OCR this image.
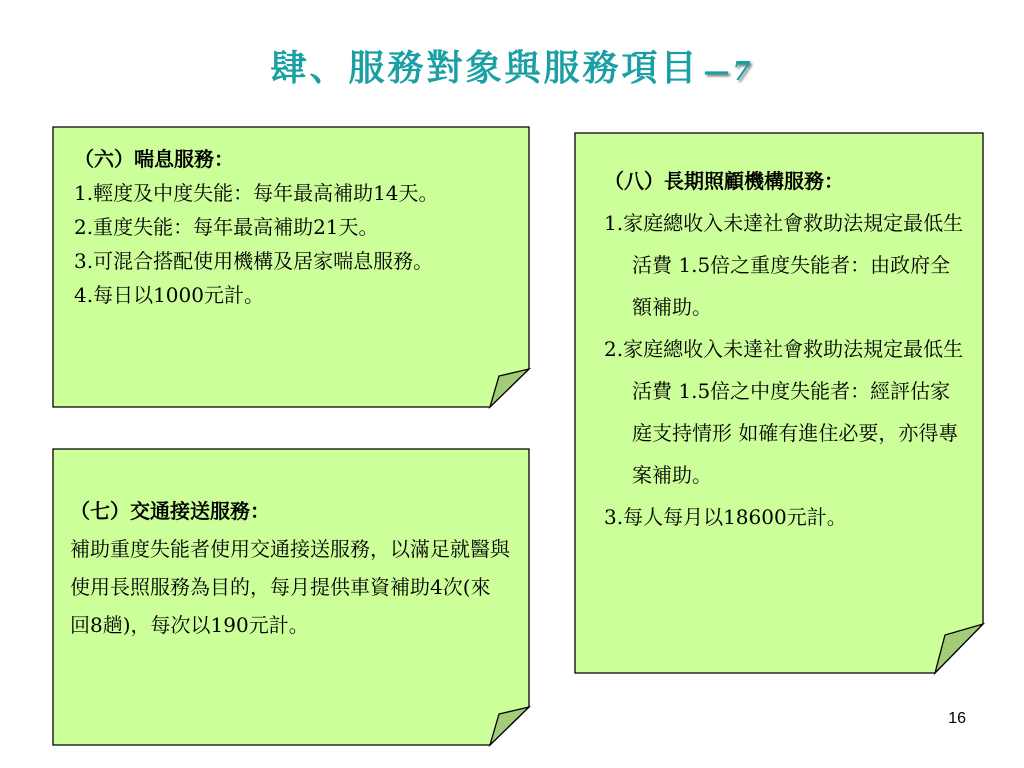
肆、服務對象與服務項目 —7

（六）喘息服務：

1.輕度及中度失能：每年最高補助14天。

2.重度失能：每年最高補助21天。

3.可混合搭配使用機構及居家喘息服務。

4.每日以1000元計。

（七）交通接送服務：

補助重度失能者使用交通接送服務，以滿足就醫與使用長照服務為目的，每月提供車資補助4次(來回8趟)，每次以190元計。

（八）長期照顧機構服務：

1.家庭總收入未達社會救助法規定最低生活費 1.5倍之重度失能者：由政府全額補助。

2.家庭總收入未達社會救助法規定最低生活費 1.5倍之中度失能者：經評估家庭支持情形 如確有進住必要，亦得專案補助。

3.每人每月以18600元計。

16
